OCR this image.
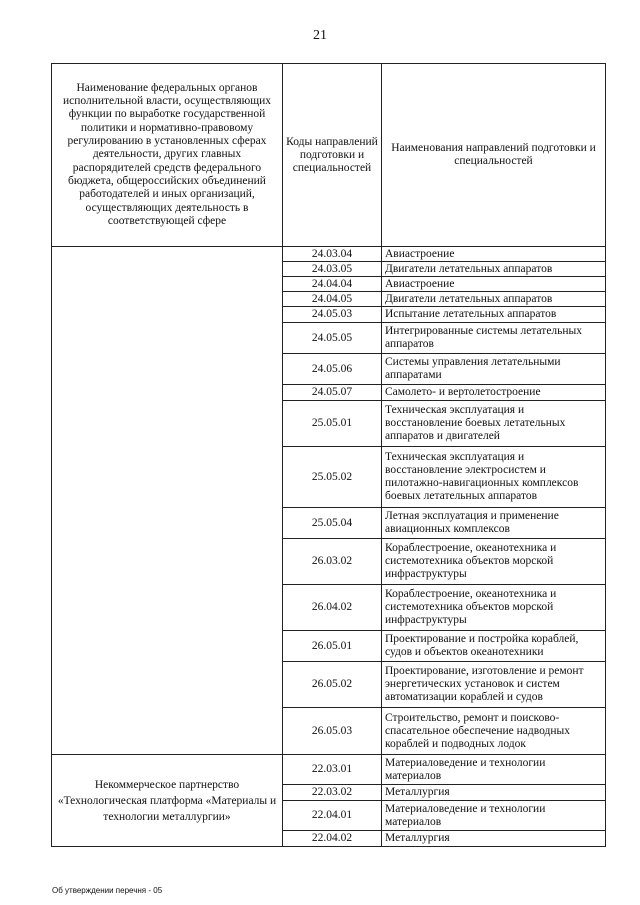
21
Наименование федеральных органов исполнительной власти, осуществляющих функции по выработке государственной политики и нормативно-правовому регулированию в установленных сферах деятельности, других главных распорядителей средств федерального бюджета, общероссийских объединений работодателей и иных организаций, осуществляющих деятельность в соответствующей сфере	Коды направлений подготовки и специальностей	Наименования направлений подготовки и специальностей
	24.03.04	Авиастроение
	24.03.05	Двигатели летательных аппаратов
	24.04.04	Авиастроение
	24.04.05	Двигатели летательных аппаратов
	24.05.03	Испытание летательных аппаратов
	24.05.05	Интегрированные системы летательных аппаратов
	24.05.06	Системы управления летательными аппаратами
	24.05.07	Самолето- и вертолетостроение
	25.05.01	Техническая эксплуатация и восстановление боевых летательных аппаратов и двигателей
	25.05.02	Техническая эксплуатация и восстановление электросистем и пилотажно-навигационных комплексов боевых летательных аппаратов
	25.05.04	Летная эксплуатация и применение авиационных комплексов
	26.03.02	Кораблестроение, океанотехника и системотехника объектов морской инфраструктуры
	26.04.02	Кораблестроение, океанотехника и системотехника объектов морской инфраструктуры
	26.05.01	Проектирование и постройка кораблей, судов и объектов океанотехники
	26.05.02	Проектирование, изготовление и ремонт энергетических установок и систем автоматизации кораблей и судов
	26.05.03	Строительство, ремонт и поисково-спасательное обеспечение надводных кораблей и подводных лодок
Некоммерческое партнерство «Технологическая платформа «Материалы и технологии металлургии»	22.03.01	Материаловедение и технологии материалов
	22.03.02	Металлургия
	22.04.01	Материаловедение и технологии материалов
	22.04.02	Металлургия
Об утверждении перечня - 05
